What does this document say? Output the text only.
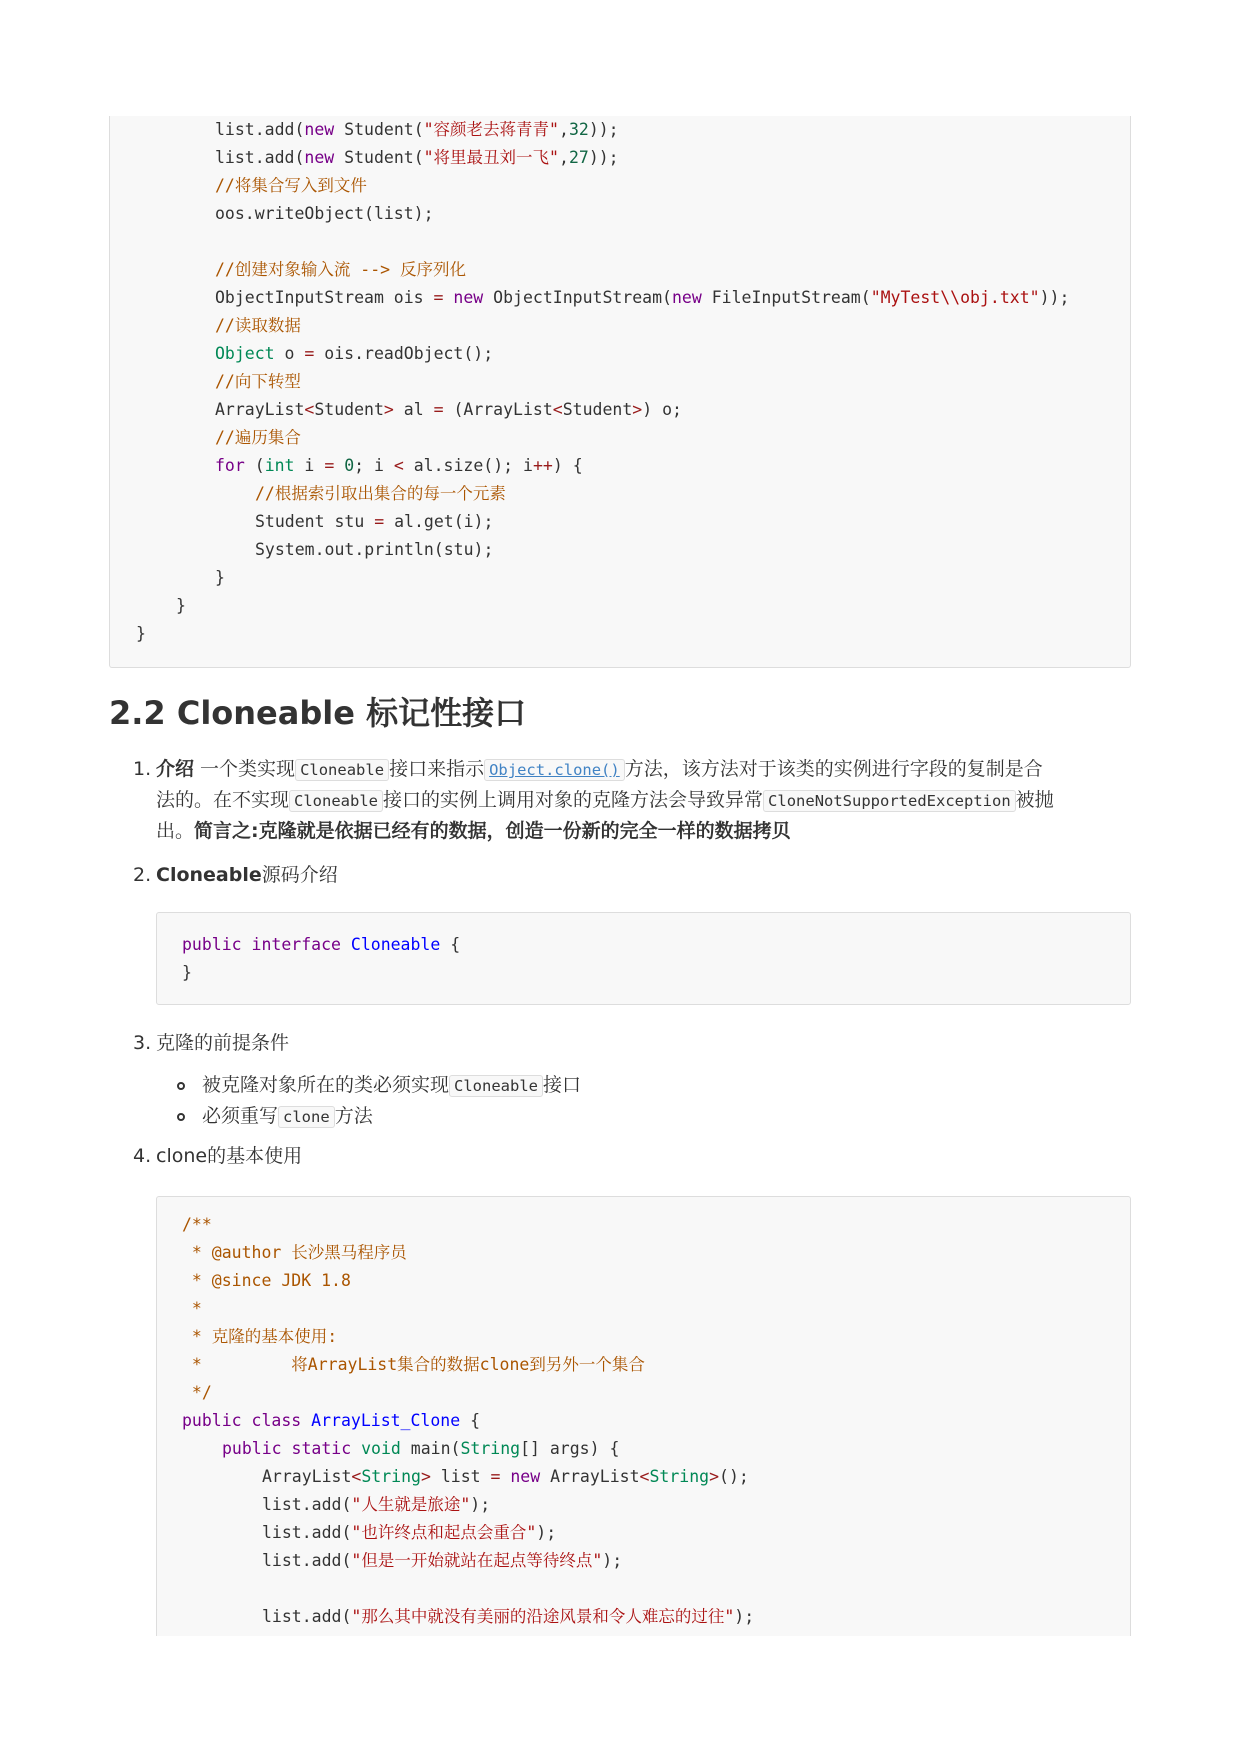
list.add(new Student("容颜老去蒋青青",32));
list.add(new Student("将里最丑刘一飞",27));
//将集合写入到文件
oos.writeObject(list);
//创建对象输入流 --> 反序列化
ObjectInputStream ois = new ObjectInputStream(new FileInputStream("MyTest\\obj.txt"));
//读取数据
Object o = ois.readObject();
//向下转型
ArrayList<Student> al = (ArrayList<Student>) o;
//遍历集合
for (int i = 0; i < al.size(); i++) {
//根据索引取出集合的每一个元素
Student stu = al.get(i);
System.out.println(stu);
}
}
}
2.2 Cloneable 标记性接口
1. 介绍 一个类实现 Cloneable 接口来指示 Object.clone() 方法，该方法对于该类的实例进行字段的复制是合
法的。在不实现 Cloneable 接口的实例上调用对象的克隆方法会导致异常 CloneNotSupportedException 被抛
出。简言之:克隆就是依据已经有的数据，创造一份新的完全一样的数据拷贝
2. Cloneable源码介绍
public interface Cloneable {
}
3. 克隆的前提条件
被克隆对象所在的类必须实现 Cloneable 接口
必须重写 clone 方法
4. clone的基本使用
/**
* @author 长沙黑马程序员
* @since JDK 1.8
*
* 克隆的基本使用:
*         将ArrayList集合的数据clone到另外一个集合
*/
public class ArrayList_Clone {
public static void main(String[] args) {
ArrayList<String> list = new ArrayList<String>();
list.add("人生就是旅途");
list.add("也许终点和起点会重合");
list.add("但是一开始就站在起点等待终点");
list.add("那么其中就没有美丽的沿途风景和令人难忘的过往");
